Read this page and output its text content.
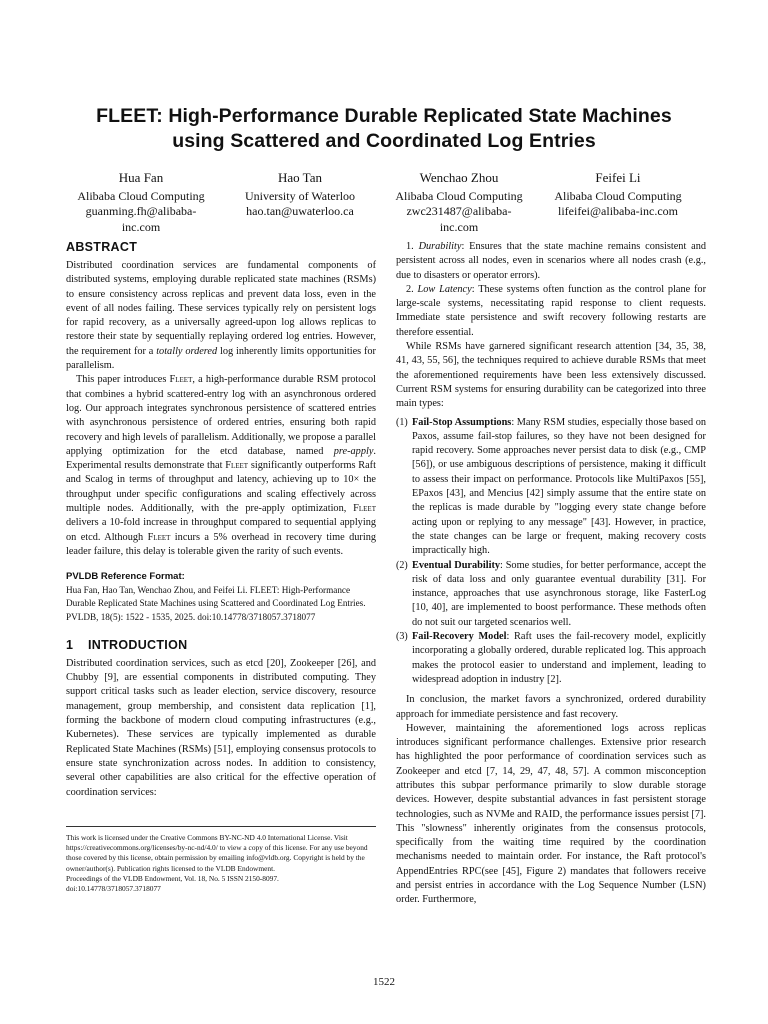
FLEET: High-Performance Durable Replicated State Machines
using Scattered and Coordinated Log Entries
Hua Fan
Alibaba Cloud Computing
guanming.fh@alibaba-
inc.com
Hao Tan
University of Waterloo
hao.tan@uwaterloo.ca
Wenchao Zhou
Alibaba Cloud Computing
zwc231487@alibaba-
inc.com
Feifei Li
Alibaba Cloud Computing
lifeifei@alibaba-inc.com
ABSTRACT

Distributed coordination services are fundamental components of distributed systems, employing durable replicated state machines (RSMs) to ensure consistency across replicas and prevent data loss, even in the event of all nodes failing. These services typically rely on persistent logs for rapid recovery, as a universally agreed-upon log allows replicas to restore their state by sequentially replaying ordered log entries. However, the requirement for a totally ordered log inherently limits opportunities for parallelism.

This paper introduces Fleet, a high-performance durable RSM protocol that combines a hybrid scattered-entry log with an asynchronous ordered log. Our approach integrates synchronous persistence of scattered entries with asynchronous persistence of ordered entries, ensuring both rapid recovery and high levels of parallelism. Additionally, we propose a parallel applying optimization for the etcd database, named pre-apply. Experimental results demonstrate that Fleet significantly outperforms Raft and Scalog in terms of throughput and latency, achieving up to 10× the throughput under specific configurations and scaling effectively across multiple nodes. Additionally, with the pre-apply optimization, Fleet delivers a 10-fold increase in throughput compared to sequential applying on etcd. Although Fleet incurs a 5% overhead in recovery time during leader failure, this delay is tolerable given the rarity of such events.

PVLDB Reference Format:

Hua Fan, Hao Tan, Wenchao Zhou, and Feifei Li. FLEET: High-Performance Durable Replicated State Machines using Scattered and Coordinated Log Entries. PVLDB, 18(5): 1522 - 1535, 2025. doi:10.14778/3718057.3718077

1 INTRODUCTION

Distributed coordination services, such as etcd [20], Zookeeper [26], and Chubby [9], are essential components in distributed computing. They support critical tasks such as leader election, service discovery, resource management, group membership, and consistent data replication [1], forming the backbone of modern cloud computing infrastructures (e.g., Kubernetes). These services are typically implemented as durable Replicated State Machines (RSMs) [51], employing consensus protocols to ensure state synchronization across nodes. In addition to consistency, several other capabilities are also critical for the effective operation of coordination services:

This work is licensed under the Creative Commons BY-NC-ND 4.0 International License. Visit https://creativecommons.org/licenses/by-nc-nd/4.0/ to view a copy of this license. For any use beyond those covered by this license, obtain permission by emailing info@vldb.org. Copyright is held by the owner/author(s). Publication rights licensed to the VLDB Endowment.

Proceedings of the VLDB Endowment, Vol. 18, No. 5 ISSN 2150-8097.

doi:10.14778/3718057.3718077

1. Durability: Ensures that the state machine remains consistent and persistent across all nodes, even in scenarios where all nodes crash (e.g., due to disasters or operator errors).

2. Low Latency: These systems often function as the control plane for large-scale systems, necessitating rapid response to client requests. Immediate state persistence and swift recovery following restarts are therefore essential.

While RSMs have garnered significant research attention [34, 35, 38, 41, 43, 55, 56], the techniques required to achieve durable RSMs that meet the aforementioned requirements have been less extensively discussed. Current RSM systems for ensuring durability can be categorized into three main types:

(1) Fail-Stop Assumptions: Many RSM studies, especially those based on Paxos, assume fail-stop failures, so they have not been designed for rapid recovery. Some approaches never persist data to disk (e.g., CMP [56]), or use ambiguous descriptions of persistence, making it difficult to assess their impact on performance. Protocols like MultiPaxos [55], EPaxos [43], and Mencius [42] simply assume that the entire state on the replicas is made durable by "logging every state change before acting upon or replying to any message" [43]. However, in practice, the state changes can be large or frequent, making recovery costs impractically high.
(2) Eventual Durability: Some studies, for better performance, accept the risk of data loss and only guarantee eventual durability [31]. For instance, approaches that use asynchronous storage, like FasterLog [10, 40], are implemented to boost performance. These methods often do not suit our targeted scenarios well.
(3) Fail-Recovery Model: Raft uses the fail-recovery model, explicitly incorporating a globally ordered, durable replicated log. This approach makes the protocol easier to understand and implement, leading to widespread adoption in industry [2].

In conclusion, the market favors a synchronized, ordered durability approach for immediate persistence and fast recovery.

However, maintaining the aforementioned logs across replicas introduces significant performance challenges. Extensive prior research has highlighted the poor performance of coordination services such as Zookeeper and etcd [7, 14, 29, 47, 48, 57]. A common misconception attributes this subpar performance primarily to slow durable storage devices. However, despite substantial advances in fast persistent storage technologies, such as NVMe and RAID, the performance issues persist [7]. This "slowness" inherently originates from the consensus protocols, specifically from the waiting time required by the coordination mechanisms needed to maintain order. For instance, the Raft protocol's AppendEntries RPC(see [45], Figure 2) mandates that followers receive and persist entries in accordance with the Log Sequence Number (LSN) order. Furthermore,

1522
